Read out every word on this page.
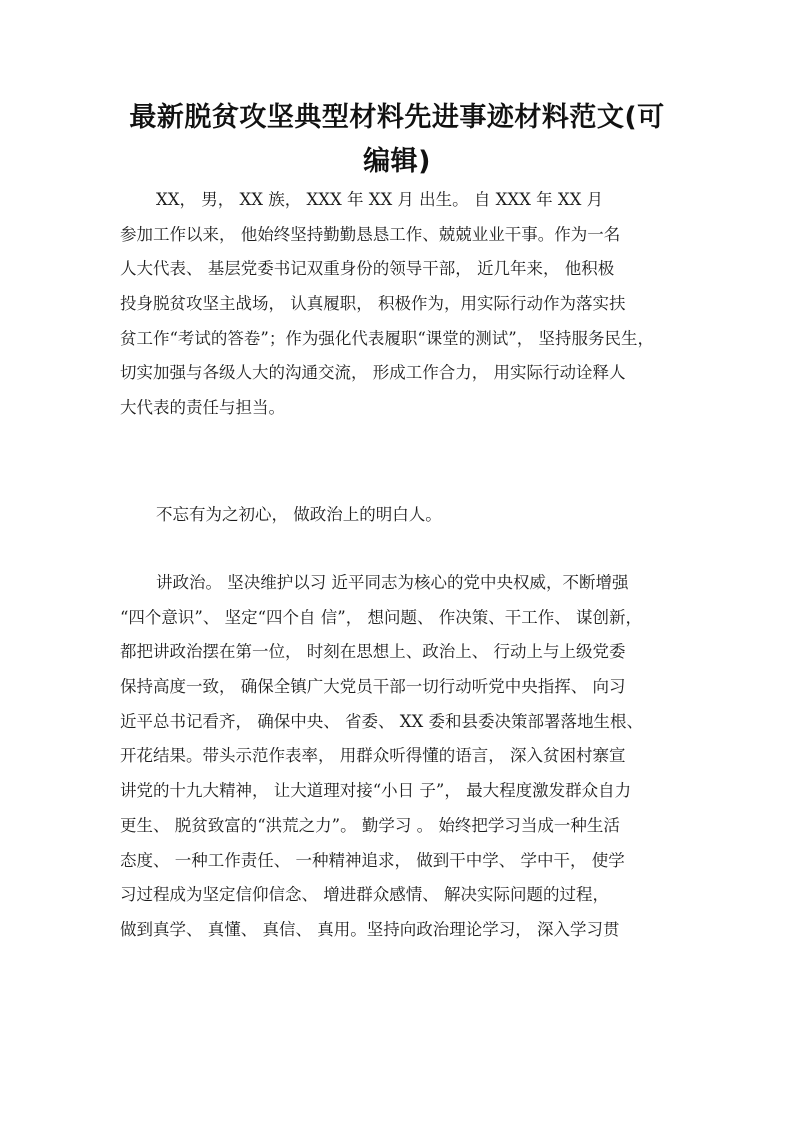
最新脱贫攻坚典型材料先进事迹材料范文(可
编辑)
XX， 男， XX 族， XXX 年 XX 月 出生。 自 XXX 年 XX 月
参加工作以来， 他始终坚持勤勤恳恳工作、兢兢业业干事。作为一名
人大代表、 基层党委书记双重身份的领导干部， 近几年来， 他积极
投身脱贫攻坚主战场， 认真履职， 积极作为，用实际行动作为落实扶
贫工作“考试的答卷”；作为强化代表履职“课堂的测试”， 坚持服务民生，
切实加强与各级人大的沟通交流， 形成工作合力， 用实际行动诠释人
大代表的责任与担当。
不忘有为之初心， 做政治上的明白人。
讲政治。 坚决维护以习 近平同志为核心的党中央权威，不断增强
“四个意识”、 坚定“四个自 信”， 想问题、 作决策、干工作、 谋创新，
都把讲政治摆在第一位， 时刻在思想上、政治上、 行动上与上级党委
保持高度一致， 确保全镇广大党员干部一切行动听党中央指挥、 向习
近平总书记看齐， 确保中央、 省委、 XX 委和县委决策部署落地生根、
开花结果。带头示范作表率， 用群众听得懂的语言， 深入贫困村寨宣
讲党的十九大精神， 让大道理对接“小日 子”， 最大程度激发群众自力
更生、 脱贫致富的“洪荒之力”。 勤学习 。 始终把学习当成一种生活
态度、 一种工作责任、 一种精神追求， 做到干中学、 学中干， 使学
习过程成为坚定信仰信念、 增进群众感情、 解决实际问题的过程，
做到真学、 真懂、 真信、 真用。坚持向政治理论学习， 深入学习贯
